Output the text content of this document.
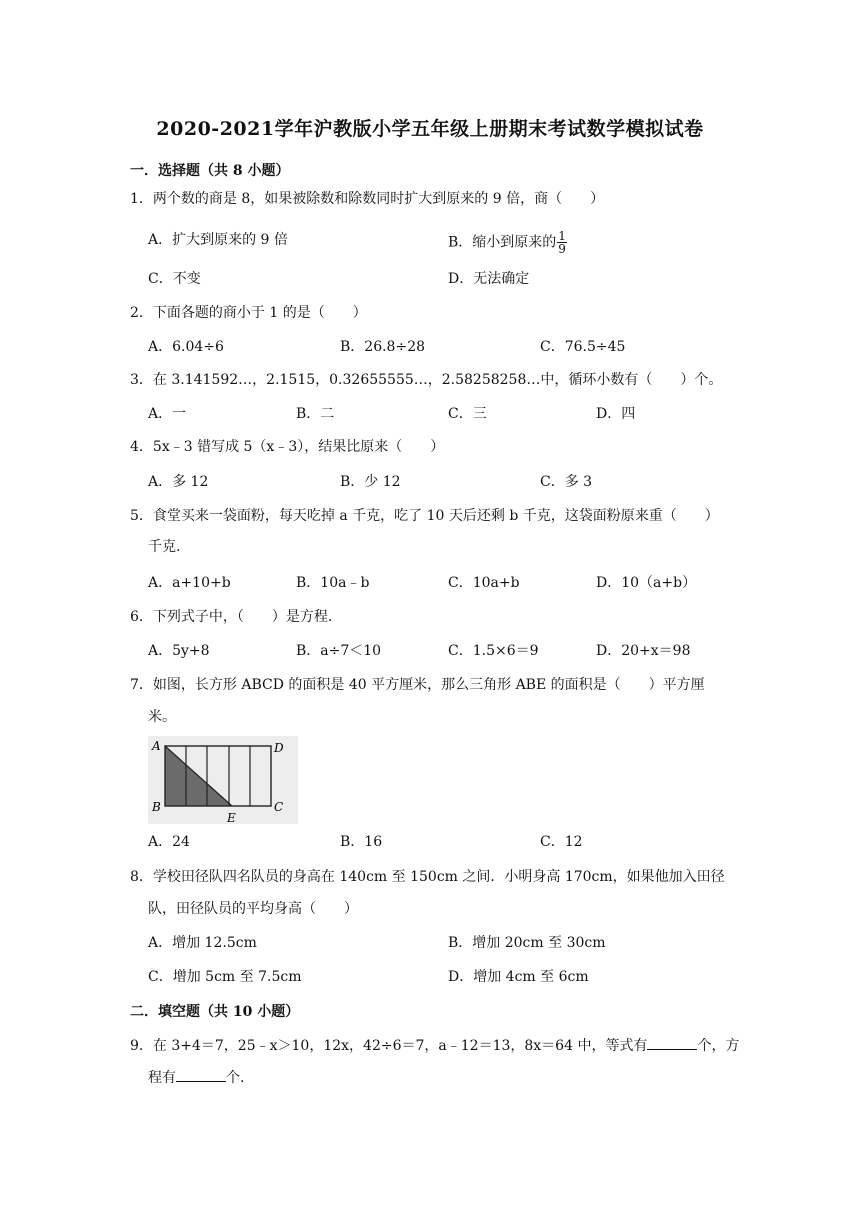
2020-2021学年沪教版小学五年级上册期末考试数学模拟试卷
一．选择题（共 8 小题）
1．两个数的商是 8，如果被除数和除数同时扩大到原来的 9 倍，商（　　）
A．扩大到原来的 9 倍	B．缩小到原来的 $\frac{1}{9}$
C．不变	D．无法确定
2．下面各题的商小于 1 的是（　　）
A．6.04÷6	B．26.8÷28	C．76.5÷45
3．在 3.141592…，2.1515，0.32655555…，2.58258258…中，循环小数有（　　）个。
A．一	B．二	C．三	D．四
4．5x﹣3 错写成 5（x﹣3），结果比原来（　　）
A．多 12	B．少 12	C．多 3
5．食堂买来一袋面粉，每天吃掉 a 千克，吃了 10 天后还剩 b 千克，这袋面粉原来重（　　）
千克.
A．a+10+b	B．10a﹣b	C．10a+b	D．10（a+b）
6．下列式子中，（　　）是方程.
A．5y+8	B．a÷7＜10	C．1.5×6＝9	D．20+x＝98
7．如图，长方形 ABCD 的面积是 40 平方厘米，那么三角形 ABE 的面积是（　　）平方厘
米。
A	D
B	C
E
A．24	B．16	C．12
8．学校田径队四名队员的身高在 140cm 至 150cm 之间．小明身高 170cm，如果他加入田径
队，田径队员的平均身高（　　）
A．增加 12.5cm	B．增加 20cm 至 30cm
C．增加 5cm 至 7.5cm	D．增加 4cm 至 6cm
二．填空题（共 10 小题）
9．在 3+4＝7，25﹣x＞10，12x，42÷6＝7，a﹣12＝13，8x＝64 中，等式有	个，方
程有	个.
